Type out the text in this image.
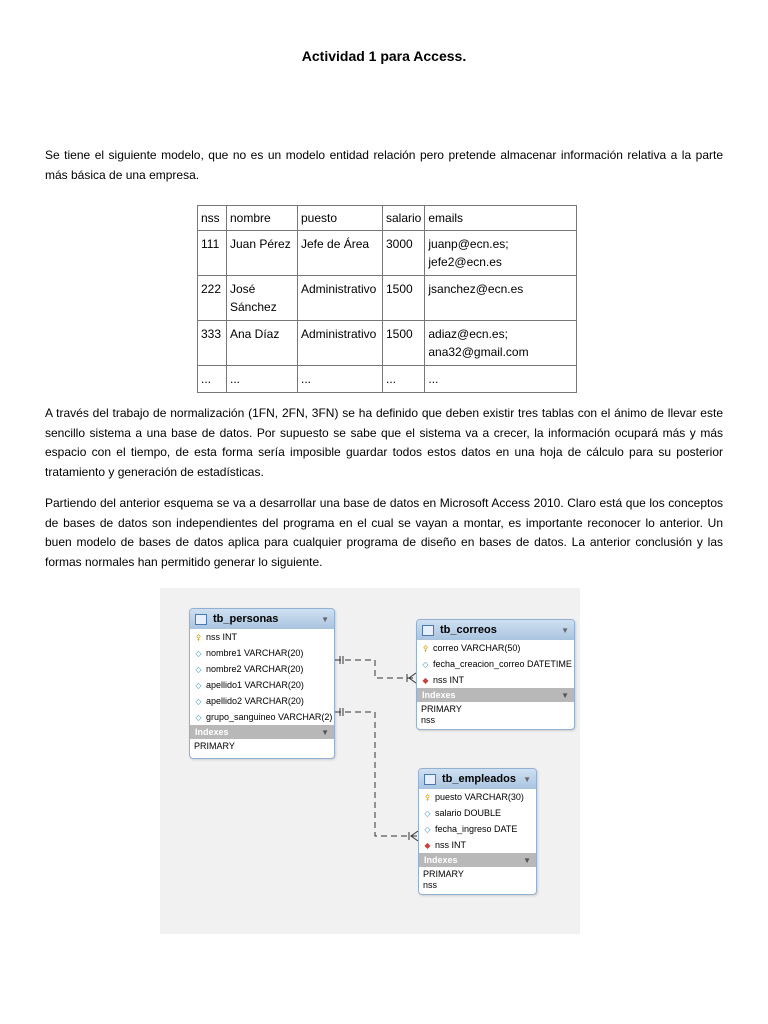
Actividad 1 para Access.

Se tiene el siguiente modelo, que no es un modelo entidad relación pero pretende almacenar información relativa a la parte más básica de una empresa.

nss	nombre	puesto	salario	emails
111	Juan Pérez	Jefe de Área	3000	juanp@ecn.es; jefe2@ecn.es
222	José Sánchez	Administrativo	1500	jsanchez@ecn.es
333	Ana Díaz	Administrativo	1500	adiaz@ecn.es; ana32@gmail.com
...	...	...	...	...

A través del trabajo de normalización (1FN, 2FN, 3FN) se ha definido que deben existir tres tablas con el ánimo de llevar este sencillo sistema a una base de datos. Por supuesto se sabe que el sistema va a crecer, la información ocupará más y más espacio con el tiempo, de esta forma sería imposible guardar todos estos datos en una hoja de cálculo para su posterior tratamiento y generación de estadísticas.

Partiendo del anterior esquema se va a desarrollar una base de datos en Microsoft Access 2010. Claro está que los conceptos de bases de datos son independientes del programa en el cual se vayan a montar, es importante reconocer lo anterior. Un buen modelo de bases de datos aplica para cualquier programa de diseño en bases de datos. La anterior conclusión y las formas normales han permitido generar lo siguiente.

tb_personas	▼
⚴ nss INT
◇ nombre1 VARCHAR(20)
◇ nombre2 VARCHAR(20)
◇ apellido1 VARCHAR(20)
◇ apellido2 VARCHAR(20)
◇ grupo_sanguineo VARCHAR(2)
Indexes	▼
PRIMARY
tb_correos	▼
⚴ correo VARCHAR(50)
◇ fecha_creacion_correo DATETIME
◆ nss INT
Indexes	▼
PRIMARY
nss
tb_empleados ▼
⚴ puesto VARCHAR(30)
◇ salario DOUBLE
◇ fecha_ingreso DATE
◆ nss INT
Indexes	▼
PRIMARY
nss
